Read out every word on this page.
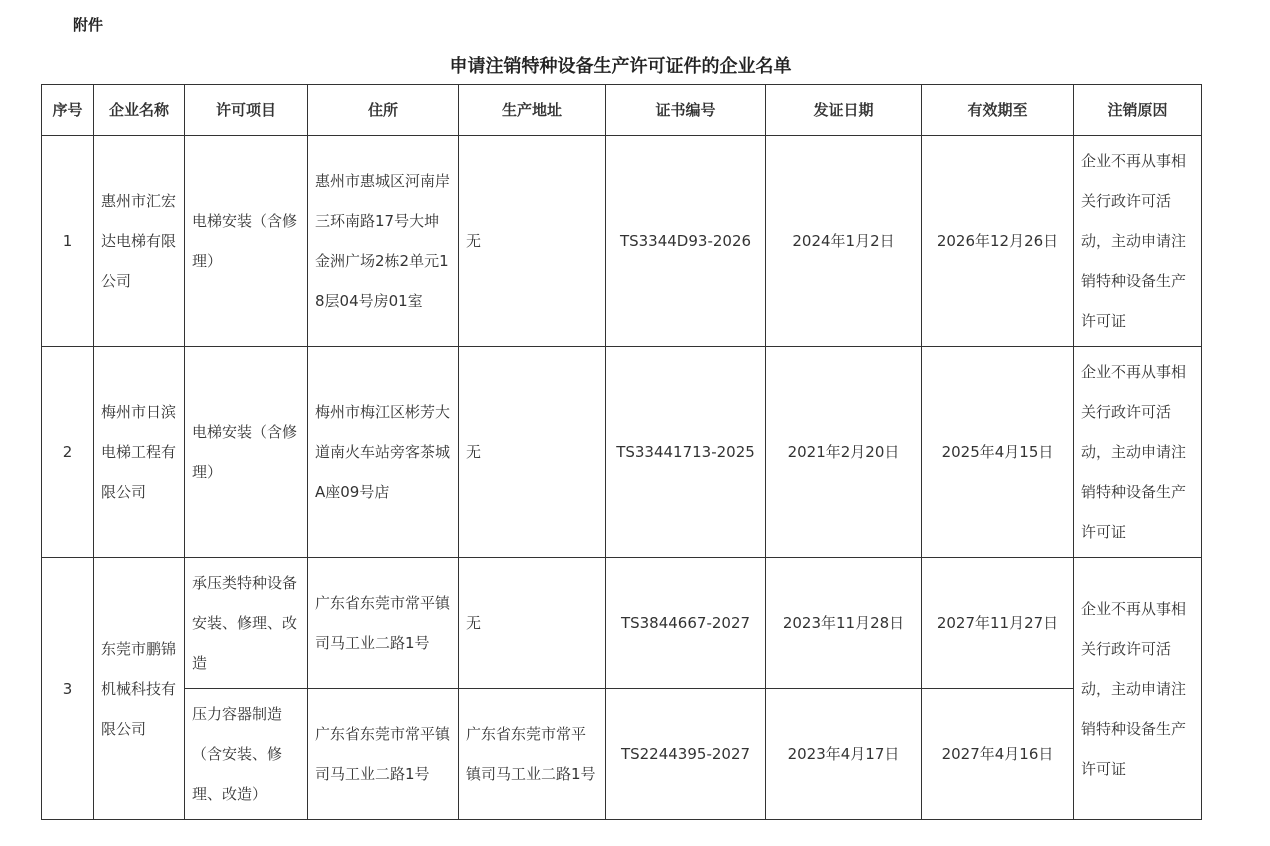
附件
申请注销特种设备生产许可证件的企业名单
序号	企业名称	许可项目	住所	生产地址	证书编号	发证日期	有效期至	注销原因
1	惠州市汇宏达电梯有限公司	电梯安装（含修理）	惠州市惠城区河南岸三环南路17号大坤金洲广场2栋2单元18层04号房01室	无	TS3344D93-2026	2024年1月2日	2026年12月26日	企业不再从事相关行政许可活动，主动申请注销特种设备生产许可证
2	梅州市日滨电梯工程有限公司	电梯安装（含修理）	梅州市梅江区彬芳大道南火车站旁客茶城A座09号店	无	TS33441713-2025	2021年2月20日	2025年4月15日	企业不再从事相关行政许可活动，主动申请注销特种设备生产许可证
3	东莞市鹏锦机械科技有限公司	承压类特种设备安装、修理、改造	广东省东莞市常平镇司马工业二路1号	无	TS3844667-2027	2023年11月28日	2027年11月27日	企业不再从事相关行政许可活动，主动申请注销特种设备生产许可证
		压力容器制造（含安装、修理、改造）	广东省东莞市常平镇司马工业二路1号	广东省东莞市常平镇司马工业二路1号	TS2244395-2027	2023年4月17日	2027年4月16日	
